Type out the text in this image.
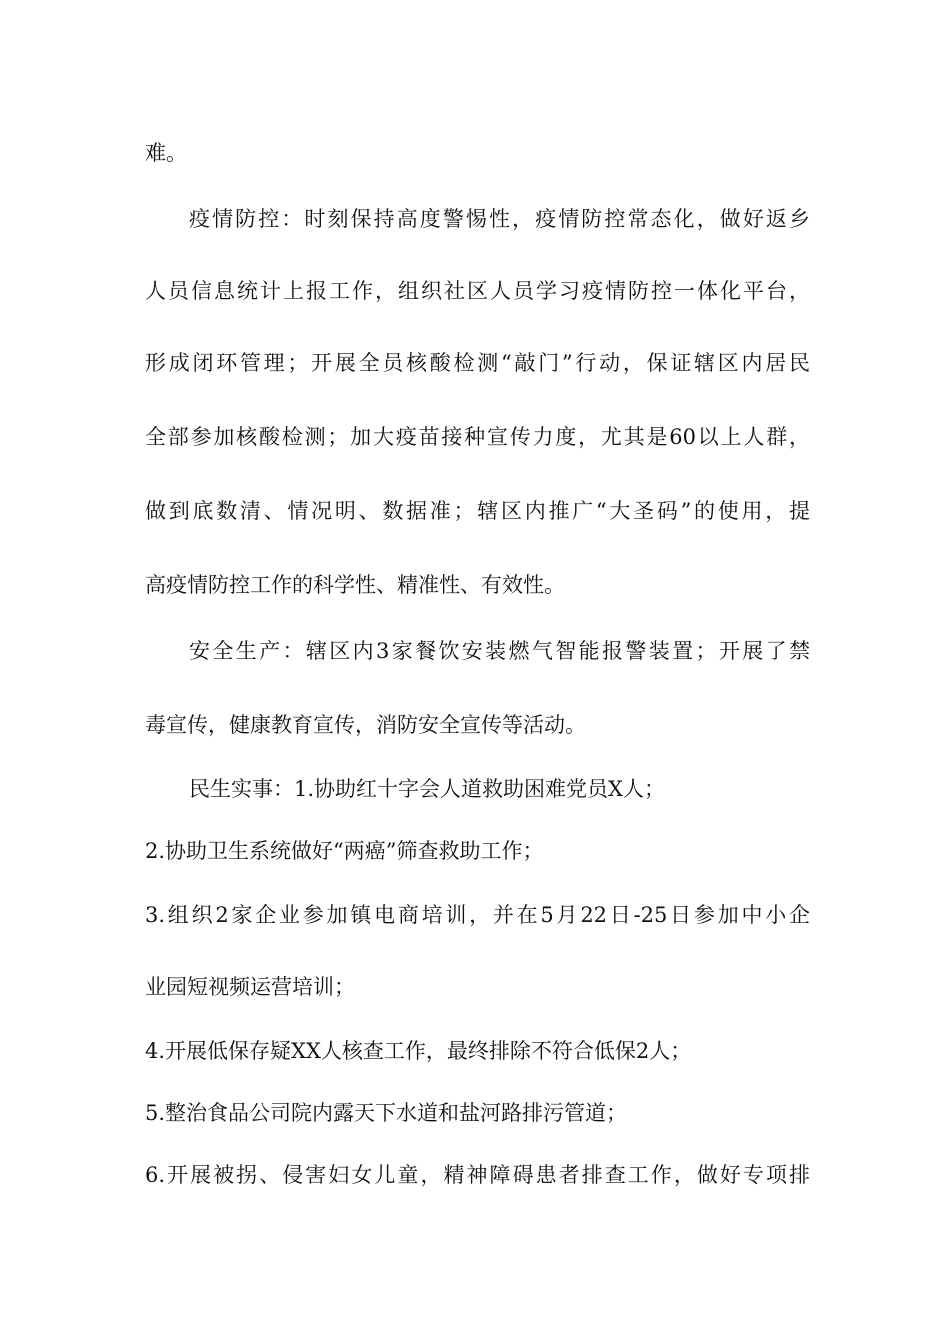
难。
疫情防控：时刻保持高度警惕性，疫情防控常态化，做好返乡
人员信息统计上报工作，组织社区人员学习疫情防控一体化平台，
形成闭环管理；开展全员核酸检测“敲门”行动，保证辖区内居民
全部参加核酸检测；加大疫苗接种宣传力度，尤其是60以上人群，
做到底数清、情况明、数据准；辖区内推广“大圣码”的使用，提
高疫情防控工作的科学性、精准性、有效性。
安全生产：辖区内3家餐饮安装燃气智能报警装置；开展了禁
毒宣传，健康教育宣传，消防安全宣传等活动。
民生实事：1.协助红十字会人道救助困难党员X人；
2.协助卫生系统做好“两癌”筛查救助工作；
3.组织2家企业参加镇电商培训，并在5月22日-25日参加中小企
业园短视频运营培训；
4.开展低保存疑XX人核查工作，最终排除不符合低保2人；
5.整治食品公司院内露天下水道和盐河路排污管道；
6.开展被拐、侵害妇女儿童，精神障碍患者排查工作，做好专项排
